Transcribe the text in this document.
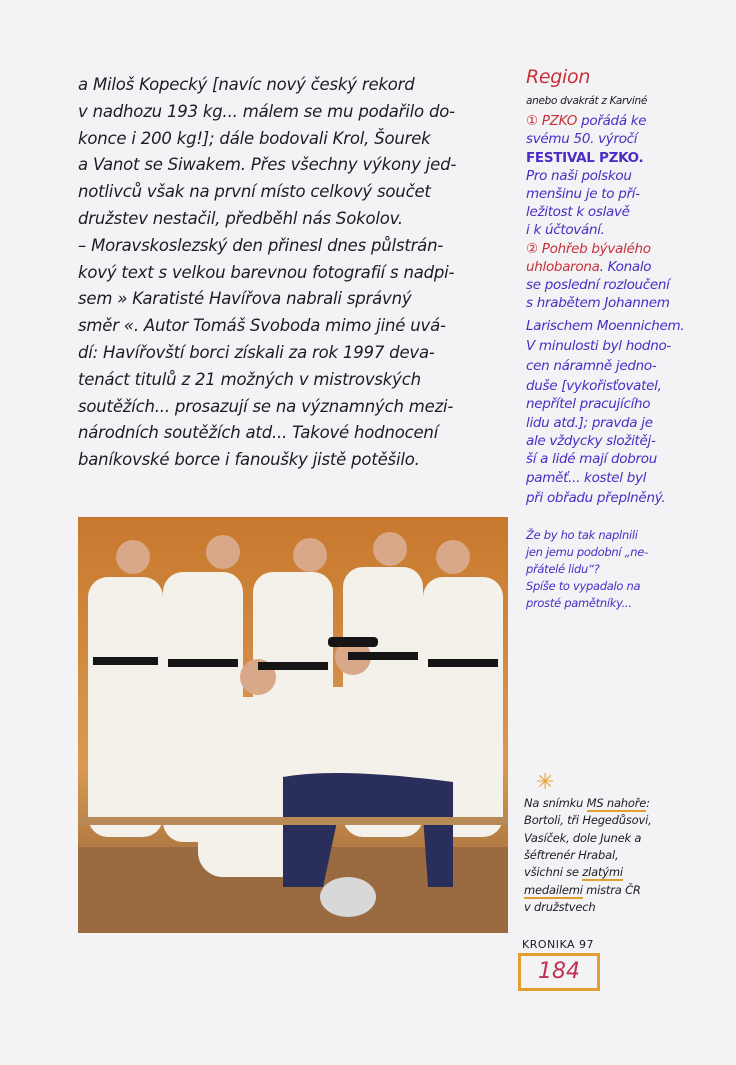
a Miloš Kopecký [navíc nový český rekord
v nadhozu 193 kg... málem se mu podařilo do-
konce i 200 kg!]; dále bodovali Krol, Šourek
a Vanot se Siwakem. Přes všechny výkony jed-
notlivců však na první místo celkový součet
družstev nestačil, předběhl nás Sokolov.
– Moravskoslezský den přinesl dnes půlstrán-
kový text s velkou barevnou fotografií s nadpi-
sem » Karatisté Havířova nabrali správný
směr «. Autor Tomáš Svoboda mimo jiné uvá-
dí: Havířovští borci získali za rok 1997 deva-
tenáct titulů z 21 možných v mistrovských
soutěžích... prosazují se na významných mezi-
národních soutěžích atd... Takové hodnocení
baníkovské borce i fanoušky jistě potěšilo.
Region
anebo dvakrát z Karviné
① PZKO pořádá ke
svému 50. výročí
FESTIVAL PZKO.
Pro naši polskou
menšinu je to pří-
ležitost k oslavě
i k účtování.
② Pohřeb bývalého
uhlobarona. Konalo
se poslední rozloučení
s hrabětem Johannem
Larischem Moennichem.
V minulosti byl hodno-
cen náramně jedno-
duše [vykořisťovatel,
nepřítel pracujícího
lidu atd.]; pravda je
ale vždycky složitěj-
ší a lidé mají dobrou
paměť... kostel byl
při obřadu přeplněný.
Že by ho tak naplnili
jen jemu podobní „ne-
přátelé lidu“?
Spíše to vypadalo na
prosté pamětníky...
✳
Na snímku MS nahoře:
Bortoli, tři Hegedůsovi,
Vasíček, dole Junek a
šéftrenér Hrabal,
všichni se zlatými
medailemi mistra ČR
v družstvech
KRONIKA 97
184
